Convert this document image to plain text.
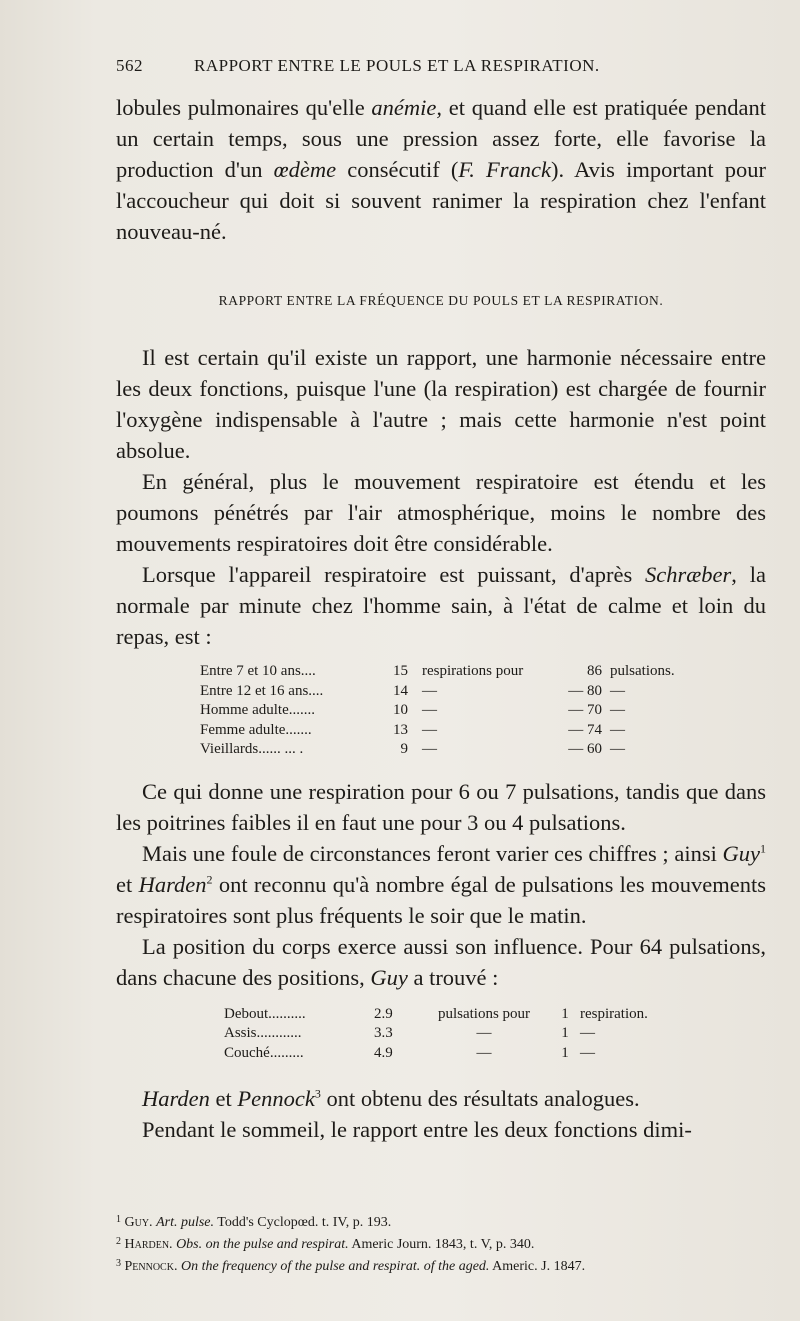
562	RAPPORT ENTRE LE POULS ET LA RESPIRATION.

lobules pulmonaires qu'elle anémie, et quand elle est pratiquée pendant un certain temps, sous une pression assez forte, elle favorise la production d'un œdème consécutif (F. Franck). Avis important pour l'accoucheur qui doit si souvent ranimer la respiration chez l'enfant nouveau-né.

RAPPORT ENTRE LA FRÉQUENCE DU POULS ET LA RESPIRATION.

Il est certain qu'il existe un rapport, une harmonie nécessaire entre les deux fonctions, puisque l'une (la respiration) est chargée de fournir l'oxygène indispensable à l'autre ; mais cette harmonie n'est point absolue.

En général, plus le mouvement respiratoire est étendu et les poumons pénétrés par l'air atmosphérique, moins le nombre des mouvements respiratoires doit être considérable.

Lorsque l'appareil respiratoire est puissant, d'après Schræber, la normale par minute chez l'homme sain, à l'état de calme et loin du repas, est :

Entre 7 et 10 ans....	15	respirations pour	86	pulsations.
Entre 12 et 16 ans....	14	—	— 80	—
Homme adulte.......	10	—	— 70	—
Femme adulte.......	13	—	— 74	—
Vieillards...... ... .	9	—	— 60	—

Ce qui donne une respiration pour 6 ou 7 pulsations, tandis que dans les poitrines faibles il en faut une pour 3 ou 4 pulsations.

Mais une foule de circonstances feront varier ces chiffres ; ainsi Guy$^1$ et Harden$^2$ ont reconnu qu'à nombre égal de pulsations les mouvements respiratoires sont plus fréquents le soir que le matin.

La position du corps exerce aussi son influence. Pour 64 pulsations, dans chacune des positions, Guy a trouvé :

Debout..........	2.9	pulsations pour	1	respiration.
Assis............	3.3	—	1	—
Couché.........	4.9	—	1	—

Harden et Pennock$^3$ ont obtenu des résultats analogues.

Pendant le sommeil, le rapport entre les deux fonctions dimi-

$^1$ Guy. Art. pulse. Todd's Cyclopœd. t. IV, p. 193.

$^2$ Harden. Obs. on the pulse and respirat. Americ Journ. 1843, t. V, p. 340.

$^3$ Pennock. On the frequency of the pulse and respirat. of the aged. Americ. J. 1847.
